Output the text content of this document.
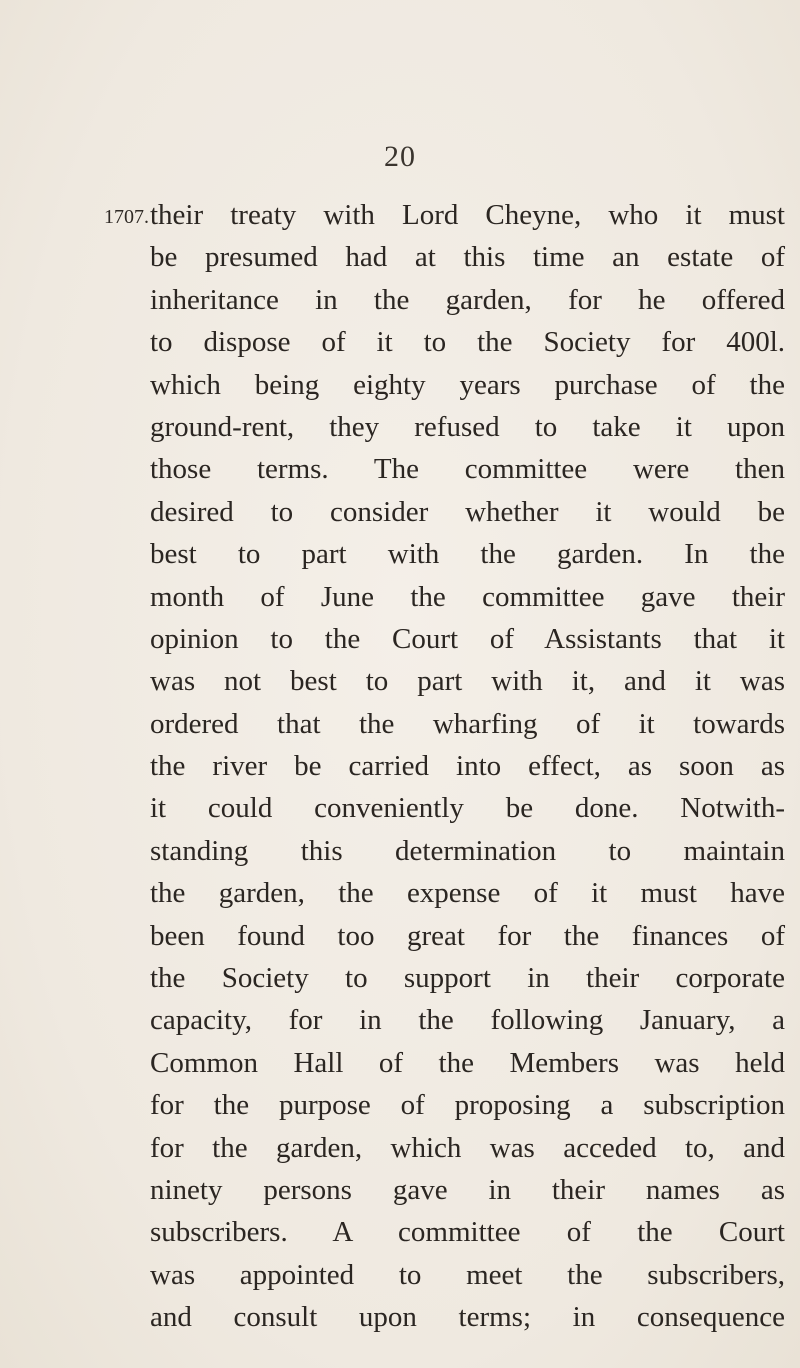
20
1707. their treaty with Lord Cheyne, who it must
be presumed had at this time an estate of
inheritance in the garden, for he offered
to dispose of it to the Society for 400l.
which being eighty years purchase of the
ground-rent, they refused to take it upon
those terms. The committee were then
desired to consider whether it would be
best to part with the garden. In the
month of June the committee gave their
opinion to the Court of Assistants that it
was not best to part with it, and it was
ordered that the wharfing of it towards
the river be carried into effect, as soon as
it could conveniently be done. Notwith-
standing this determination to maintain
the garden, the expense of it must have
been found too great for the finances of
the Society to support in their corporate
capacity, for in the following January, a
Common Hall of the Members was held
for the purpose of proposing a subscription
for the garden, which was acceded to, and
ninety persons gave in their names as
subscribers. A committee of the Court
was appointed to meet the subscribers,
and consult upon terms; in consequence
